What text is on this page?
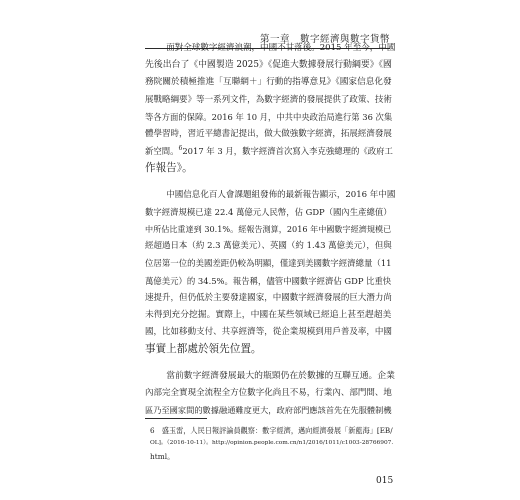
第一章　數字經濟與數字貨幣

面對全球數字經濟浪潮，中國不甘落後。2015 年至今，中國
先後出台了《中國製造 2025》《促進大數據發展行動綱要》《國
務院關於積極推進「互聯網＋」行動的指導意見》《國家信息化發
展戰略綱要》等一系列文件，為數字經濟的發展提供了政策、技術
等各方面的保障。2016 年 10 月，中共中央政治局進行第 36 次集
體學習時，習近平總書記提出，做大做強數字經濟，拓展經濟發展
新空間。$^6$2017 年 3 月，數字經濟首次寫入李克強總理的《政府工
作報告》。

中國信息化百人會課題組發佈的最新報告顯示，2016 年中國
數字經濟規模已達 22.4 萬億元人民幣，佔 GDP（國內生產總值）
中所佔比重達到 30.1%。經報告測算，2016 年中國數字經濟規模已
經超過日本（約 2.3 萬億美元）、英國（約 1.43 萬億美元），但與
位居第一位的美國差距仍較為明顯，僅達到美國數字經濟總量（11
萬億美元）的 34.5%。報告稱，儘管中國數字經濟佔 GDP 比重快
速提升，但仍低於主要發達國家，中國數字經濟發展的巨大潛力尚
未得到充分挖掘。實際上，中國在某些領域已經追上甚至趕超美
國，比如移動支付、共享經濟等，從企業規模到用戶普及率，中國
事實上都處於領先位置。

當前數字經濟發展最大的瓶頸仍在於數據的互聯互通。企業
內部完全實現全流程全方位數字化尚且不易，行業內、部門間、地
區乃至國家間的數據融通難度更大，政府部門應該首先在先服體制機

6　盛玉雷，人民日報評論員觀察：數字經濟，邁向經濟發展「新藍海」[EB/
OL]。（2016-10-11）。http://opinion.people.com.cn/n1/2016/1011/c1003-28766907.
html。
015
